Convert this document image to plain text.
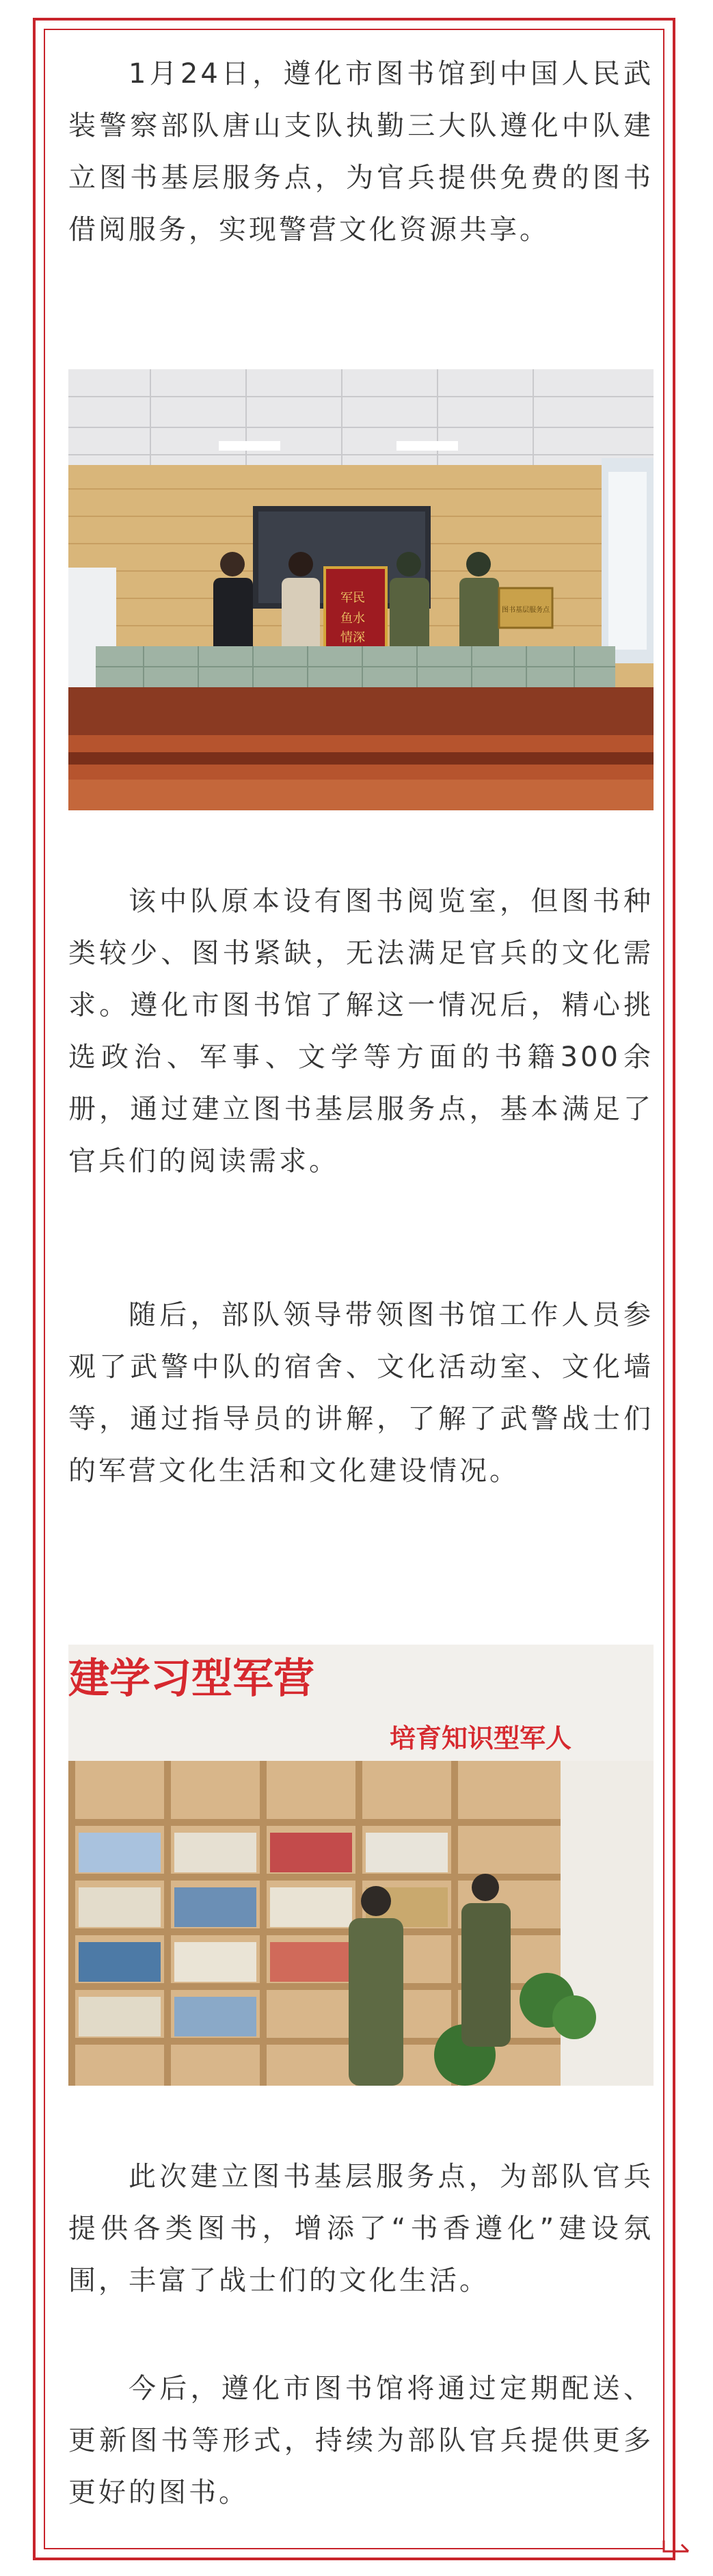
1月24日，遵化市图书馆到中国人民武装警察部队唐山支队执勤三大队遵化中队建立图书基层服务点，为官兵提供免费的图书借阅服务，实现警营文化资源共享。

军民
鱼水
情深
图书基层服务点

该中队原本设有图书阅览室，但图书种类较少、图书紧缺，无法满足官兵的文化需求。遵化市图书馆了解这一情况后，精心挑选政治、军事、文学等方面的书籍300余册，通过建立图书基层服务点，基本满足了官兵们的阅读需求。

随后，部队领导带领图书馆工作人员参观了武警中队的宿舍、文化活动室、文化墙等，通过指导员的讲解，了解了武警战士们的军营文化生活和文化建设情况。

建学习型军营
培育知识型军人

此次建立图书基层服务点，为部队官兵提供各类图书，增添了“书香遵化”建设氛围，丰富了战士们的文化生活。

今后，遵化市图书馆将通过定期配送、更新图书等形式，持续为部队官兵提供更多更好的图书。
